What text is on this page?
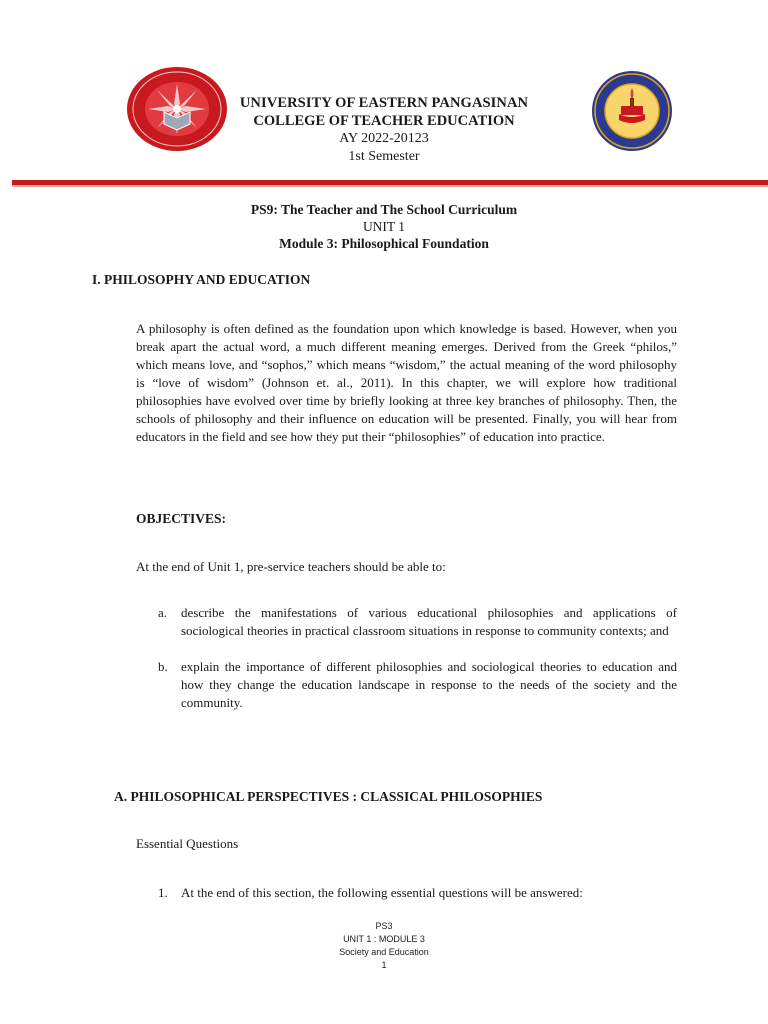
UNIVERSITY OF EASTERN PANGASINAN
COLLEGE OF TEACHER EDUCATION
AY 2022-20123
1st Semester
PS9: The Teacher and The School Curriculum
UNIT 1
Module 3: Philosophical Foundation
I. PHILOSOPHY AND EDUCATION
A philosophy is often defined as the foundation upon which knowledge is based. However, when you break apart the actual word, a much different meaning emerges. Derived from the Greek “philos,” which means love, and “sophos,” which means “wisdom,” the actual meaning of the word philosophy is “love of wisdom” (Johnson et. al., 2011). In this chapter, we will explore how traditional philosophies have evolved over time by briefly looking at three key branches of philosophy. Then, the schools of philosophy and their influence on education will be presented. Finally, you will hear from educators in the field and see how they put their “philosophies” of education into practice.
OBJECTIVES:
At the end of Unit 1, pre-service teachers should be able to:
a. describe the manifestations of various educational philosophies and applications of sociological theories in practical classroom situations in response to community contexts; and
b. explain the importance of different philosophies and sociological theories to education and how they change the education landscape in response to the needs of the society and the community.
A. PHILOSOPHICAL PERSPECTIVES : CLASSICAL PHILOSOPHIES
Essential Questions
1. At the end of this section, the following essential questions will be answered:
PS3
UNIT 1 : MODULE 3
Society and Education
1
